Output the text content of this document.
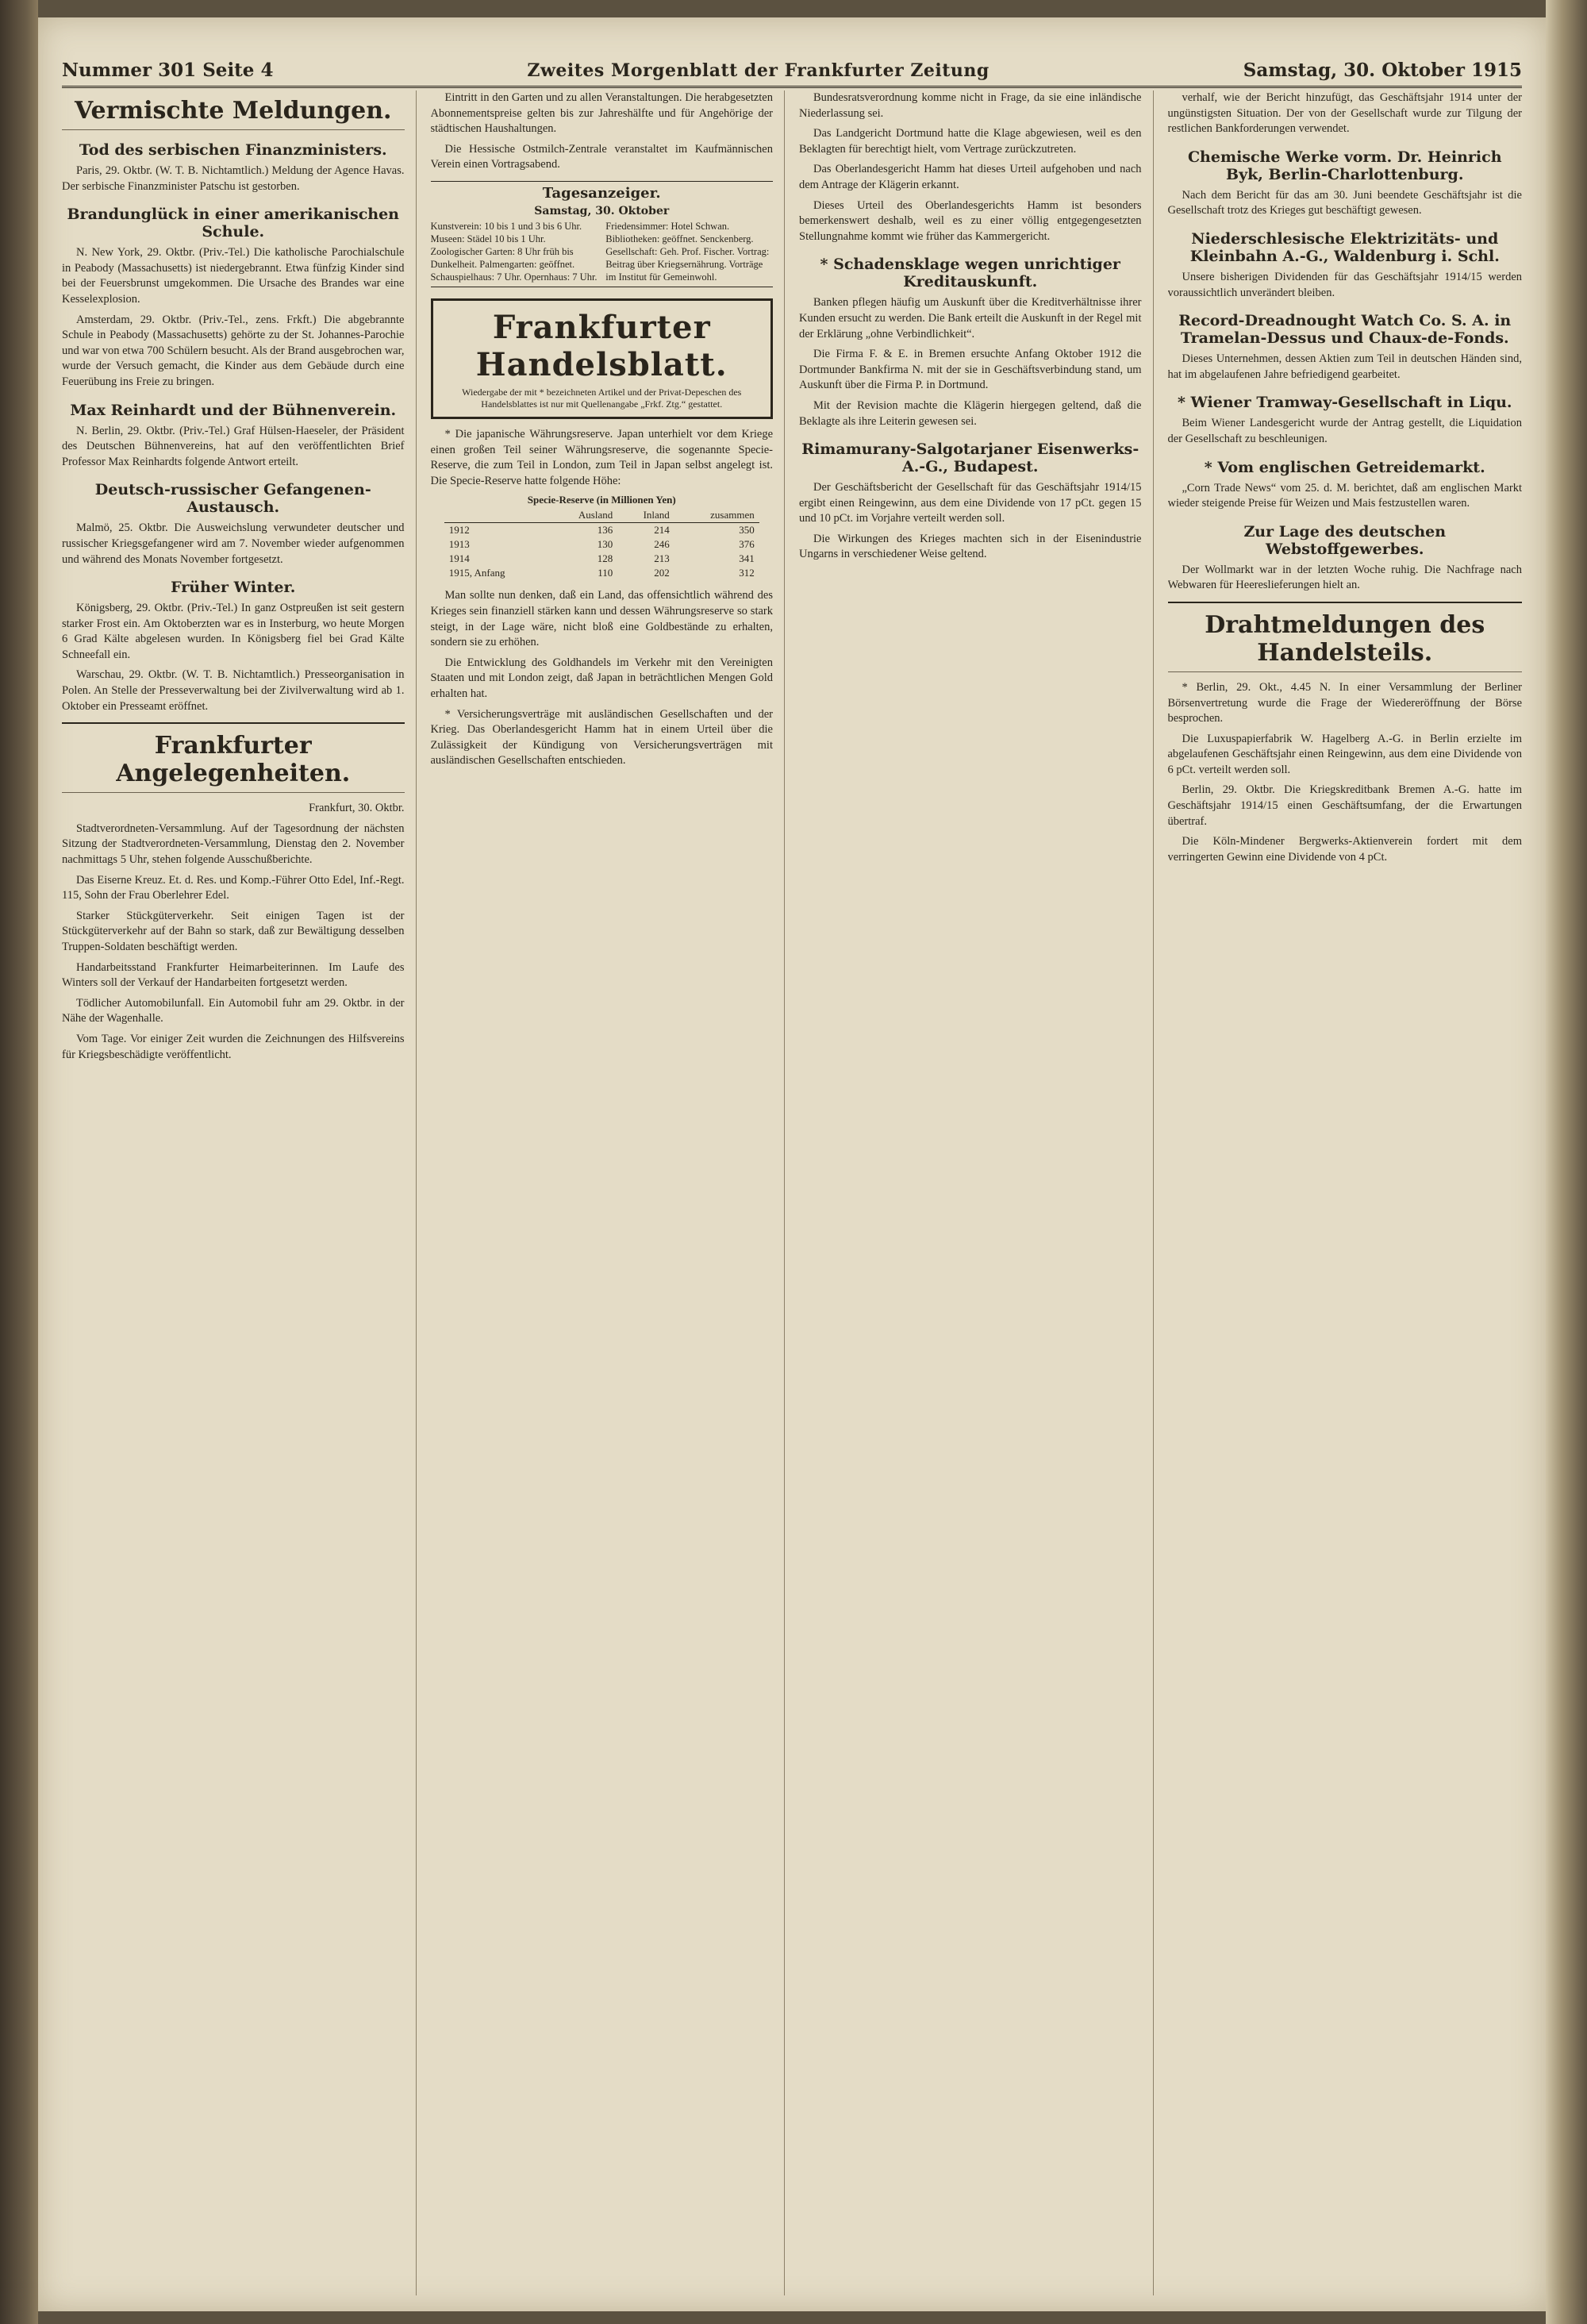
Nummer 301 Seite 4	Zweites Morgenblatt der Frankfurter Zeitung	Samstag, 30. Oktober 1915
Vermischte Meldungen.
Tod des serbischen Finanzministers.

Paris, 29. Oktbr. (W. T. B. Nichtamtlich.) Meldung der Agence Havas. Der serbische Finanzminister Patschu ist gestorben.

Brandunglück in einer amerikanischen Schule.

N. New York, 29. Oktbr. (Priv.-Tel.) Die katholische Parochialschule in Peabody (Massachusetts) ist niedergebrannt. Etwa fünfzig Kinder sind bei der Feuersbrunst umgekommen. Die Ursache des Brandes war eine Kesselexplosion.

Amsterdam, 29. Oktbr. (Priv.-Tel., zens. Frkft.) Die abgebrannte Schule in Peabody (Massachusetts) gehörte zu der St. Johannes-Parochie und war von etwa 700 Schülern besucht. Als der Brand ausgebrochen war, wurde der Versuch gemacht, die Kinder aus dem Gebäude durch eine Feuerübung ins Freie zu bringen.

Max Reinhardt und der Bühnenverein.

N. Berlin, 29. Oktbr. (Priv.-Tel.) Graf Hülsen-Haeseler, der Präsident des Deutschen Bühnenvereins, hat auf den veröffentlichten Brief Professor Max Reinhardts folgende Antwort erteilt.

Deutsch-russischer Gefangenen-Austausch.

Malmö, 25. Oktbr. Die Ausweichslung verwundeter deutscher und russischer Kriegsgefangener wird am 7. November wieder aufgenommen und während des Monats November fortgesetzt.

Früher Winter.

Königsberg, 29. Oktbr. (Priv.-Tel.) In ganz Ostpreußen ist seit gestern starker Frost ein. Am Oktoberzten war es in Insterburg, wo heute Morgen 6 Grad Kälte abgelesen wurden. In Königsberg fiel bei Grad Kälte Schneefall ein.

Warschau, 29. Oktbr. (W. T. B. Nichtamtlich.) Presseorganisation in Polen. An Stelle der Presseverwaltung bei der Zivilverwaltung wird ab 1. Oktober ein Presseamt eröffnet.

Frankfurter Angelegenheiten.

Frankfurt, 30. Oktbr.

Stadtverordneten-Versammlung. Auf der Tagesordnung der nächsten Sitzung der Stadtverordneten-Versammlung, Dienstag den 2. November nachmittags 5 Uhr, stehen folgende Ausschußberichte.

Das Eiserne Kreuz. Et. d. Res. und Komp.-Führer Otto Edel, Inf.-Regt. 115, Sohn der Frau Oberlehrer Edel.

Starker Stückgüterverkehr. Seit einigen Tagen ist der Stückgüterverkehr auf der Bahn so stark, daß zur Bewältigung desselben Truppen-Soldaten beschäftigt werden.

Handarbeitsstand Frankfurter Heimarbeiterinnen. Im Laufe des Winters soll der Verkauf der Handarbeiten fortgesetzt werden.

Tödlicher Automobilunfall. Ein Automobil fuhr am 29. Oktbr. in der Nähe der Wagenhalle.

Vom Tage. Vor einiger Zeit wurden die Zeichnungen des Hilfsvereins für Kriegsbeschädigte veröffentlicht.

Eintritt in den Garten und zu allen Veranstaltungen. Die herabgesetzten Abonnementspreise gelten bis zur Jahreshälfte und für Angehörige der städtischen Haushaltungen.

Die Hessische Ostmilch-Zentrale veranstaltet im Kaufmännischen Verein einen Vortragsabend.

Tagesanzeiger.
Samstag, 30. Oktober
Kunstverein: 10 bis 1 und 3 bis 6 Uhr. Museen: Städel 10 bis 1 Uhr. Zoologischer Garten: 8 Uhr früh bis Dunkelheit. Palmengarten: geöffnet. Schauspielhaus: 7 Uhr. Opernhaus: 7 Uhr.
Friedensimmer: Hotel Schwan. Bibliotheken: geöffnet. Senckenberg. Gesellschaft: Geh. Prof. Fischer. Vortrag: Beitrag über Kriegsernährung. Vorträge im Institut für Gemeinwohl.
Frankfurter Handelsblatt.
Wiedergabe der mit * bezeichneten Artikel und der Privat-Depeschen des Handelsblattes ist nur mit Quellenangabe „Frkf. Ztg.“ gestattet.

* Die japanische Währungsreserve. Japan unterhielt vor dem Kriege einen großen Teil seiner Währungsreserve, die sogenannte Specie-Reserve, die zum Teil in London, zum Teil in Japan selbst angelegt ist. Die Specie-Reserve hatte folgende Höhe:

Specie-Reserve (in Millionen Yen)
	Ausland	Inland	zusammen
1912	136	214	350
1913	130	246	376
1914	128	213	341
1915, Anfang	110	202	312

Man sollte nun denken, daß ein Land, das offensichtlich während des Krieges sein finanziell stärken kann und dessen Währungsreserve so stark steigt, in der Lage wäre, nicht bloß eine Goldbestände zu erhalten, sondern sie zu erhöhen.

Die Entwicklung des Goldhandels im Verkehr mit den Vereinigten Staaten und mit London zeigt, daß Japan in beträchtlichen Mengen Gold erhalten hat.

* Versicherungsverträge mit ausländischen Gesellschaften und der Krieg. Das Oberlandesgericht Hamm hat in einem Urteil über die Zulässigkeit der Kündigung von Versicherungsverträgen mit ausländischen Gesellschaften entschieden.

Bundesratsverordnung komme nicht in Frage, da sie eine inländische Niederlassung sei.

Das Landgericht Dortmund hatte die Klage abgewiesen, weil es den Beklagten für berechtigt hielt, vom Vertrage zurückzutreten.

Das Oberlandesgericht Hamm hat dieses Urteil aufgehoben und nach dem Antrage der Klägerin erkannt.

Dieses Urteil des Oberlandesgerichts Hamm ist besonders bemerkenswert deshalb, weil es zu einer völlig entgegengesetzten Stellungnahme kommt wie früher das Kammergericht.

* Schadensklage wegen unrichtiger Kreditauskunft.

Banken pflegen häufig um Auskunft über die Kreditverhältnisse ihrer Kunden ersucht zu werden. Die Bank erteilt die Auskunft in der Regel mit der Erklärung „ohne Verbindlichkeit“.

Die Firma F. & E. in Bremen ersuchte Anfang Oktober 1912 die Dortmunder Bankfirma N. mit der sie in Geschäftsverbindung stand, um Auskunft über die Firma P. in Dortmund.

Mit der Revision machte die Klägerin hiergegen geltend, daß die Beklagte als ihre Leiterin gewesen sei.

Rimamurany-Salgotarjaner Eisenwerks-A.-G., Budapest.

Der Geschäftsbericht der Gesellschaft für das Geschäftsjahr 1914/15 ergibt einen Reingewinn, aus dem eine Dividende von 17 pCt. gegen 15 und 10 pCt. im Vorjahre verteilt werden soll.

Die Wirkungen des Krieges machten sich in der Eisenindustrie Ungarns in verschiedener Weise geltend.

verhalf, wie der Bericht hinzufügt, das Geschäftsjahr 1914 unter der ungünstigsten Situation. Der von der Gesellschaft wurde zur Tilgung der restlichen Bankforderungen verwendet.

Chemische Werke vorm. Dr. Heinrich Byk, Berlin-Charlottenburg.

Nach dem Bericht für das am 30. Juni beendete Geschäftsjahr ist die Gesellschaft trotz des Krieges gut beschäftigt gewesen.

Niederschlesische Elektrizitäts- und Kleinbahn A.-G., Waldenburg i. Schl.

Unsere bisherigen Dividenden für das Geschäftsjahr 1914/15 werden voraussichtlich unverändert bleiben.

Record-Dreadnought Watch Co. S. A. in Tramelan-Dessus und Chaux-de-Fonds.

Dieses Unternehmen, dessen Aktien zum Teil in deutschen Händen sind, hat im abgelaufenen Jahre befriedigend gearbeitet.

* Wiener Tramway-Gesellschaft in Liqu.

Beim Wiener Landesgericht wurde der Antrag gestellt, die Liquidation der Gesellschaft zu beschleunigen.

* Vom englischen Getreidemarkt.

„Corn Trade News“ vom 25. d. M. berichtet, daß am englischen Markt wieder steigende Preise für Weizen und Mais festzustellen waren.

Zur Lage des deutschen Webstoffgewerbes.

Der Wollmarkt war in der letzten Woche ruhig. Die Nachfrage nach Webwaren für Heereslieferungen hielt an.

Drahtmeldungen des Handelsteils.

* Berlin, 29. Okt., 4.45 N. In einer Versammlung der Berliner Börsenvertretung wurde die Frage der Wiedereröffnung der Börse besprochen.

Die Luxuspapierfabrik W. Hagelberg A.-G. in Berlin erzielte im abgelaufenen Geschäftsjahr einen Reingewinn, aus dem eine Dividende von 6 pCt. verteilt werden soll.

Berlin, 29. Oktbr. Die Kriegskreditbank Bremen A.-G. hatte im Geschäftsjahr 1914/15 einen Geschäftsumfang, der die Erwartungen übertraf.

Die Köln-Mindener Bergwerks-Aktienverein fordert mit dem verringerten Gewinn eine Dividende von 4 pCt.
